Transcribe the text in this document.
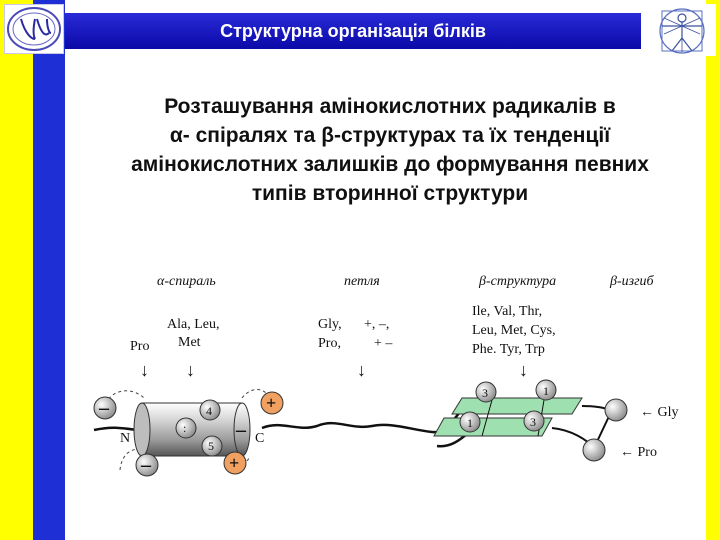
Структурна організація білків
Розташування амінокислотних радикалів в
α- спіралях та β-структурах та їх тенденції
амінокислотних залишків до формування певних
типів вторинної структури
α-спираль	петля	β-структура	β-изгиб
Pro
Ala, Leu,
Met
Gly,
Pro,
+, –,
+ –
Ile, Val, Thr,
Leu, Met, Cys,
Phe. Tyr, Trp
↓ ↓	↓	↓
4
:
5
N	C
–
–
+
+
–
3	1
1	3
← Gly
← Pro
